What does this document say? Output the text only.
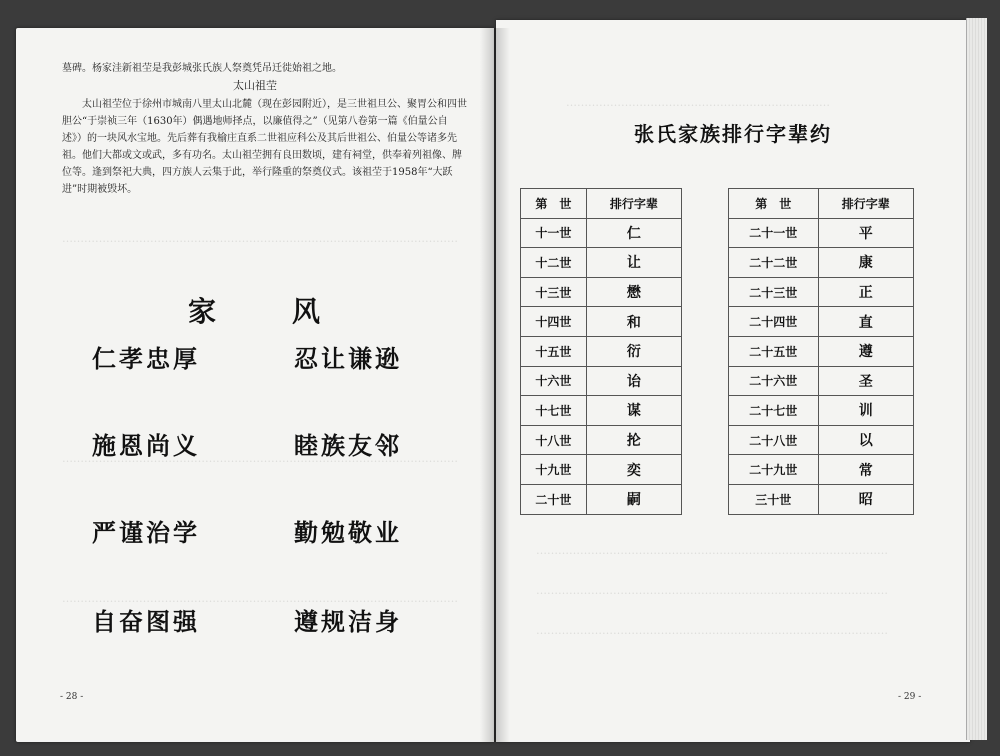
………………………………………………………………………………………………
………………………………………………………………………………………………
………………………………………………………………………………………………
墓碑。杨家洼新祖茔是我彭城张氏族人祭奠凭吊迁徙始祖之地。
太山祖茔
太山祖茔位于徐州市城南八里太山北麓（现在彭园附近），是三世祖旦公、聚胃公和四世胆公“于崇祯三年（1630年）偶遇地师择点，以廉值得之”（见第八卷第一篇《伯量公自述》）的一块风水宝地。先后葬有我榆庄直系二世祖应科公及其后世祖公、伯量公等诸多先祖。他们大都或文或武，多有功名。太山祖茔拥有良田数顷，建有祠堂，供奉着列祖像、牌位等。逢到祭祀大典，四方族人云集于此，举行隆重的祭奠仪式。该祖茔于1958年“大跃进”时期被毁坏。
家	风
仁孝忠厚	忍让谦逊
施恩尚义	睦族友邻
严谨治学	勤勉敬业
自奋图强	遵规洁身
- 28 -
………………………………………………………………
……………………………………………………………………………………
……………………………………………………………………………………
……………………………………………………………………………………
张氏家族排行字辈约
第　世	排行字辈
十一世	仁
十二世	让
十三世	懋
十四世	和
十五世	衍
十六世	诒
十七世	谋
十八世	抡
十九世	奕
二十世	嗣
第　世	排行字辈
二十一世	平
二十二世	康
二十三世	正
二十四世	直
二十五世	遵
二十六世	圣
二十七世	训
二十八世	以
二十九世	常
三十世	昭
- 29 -
